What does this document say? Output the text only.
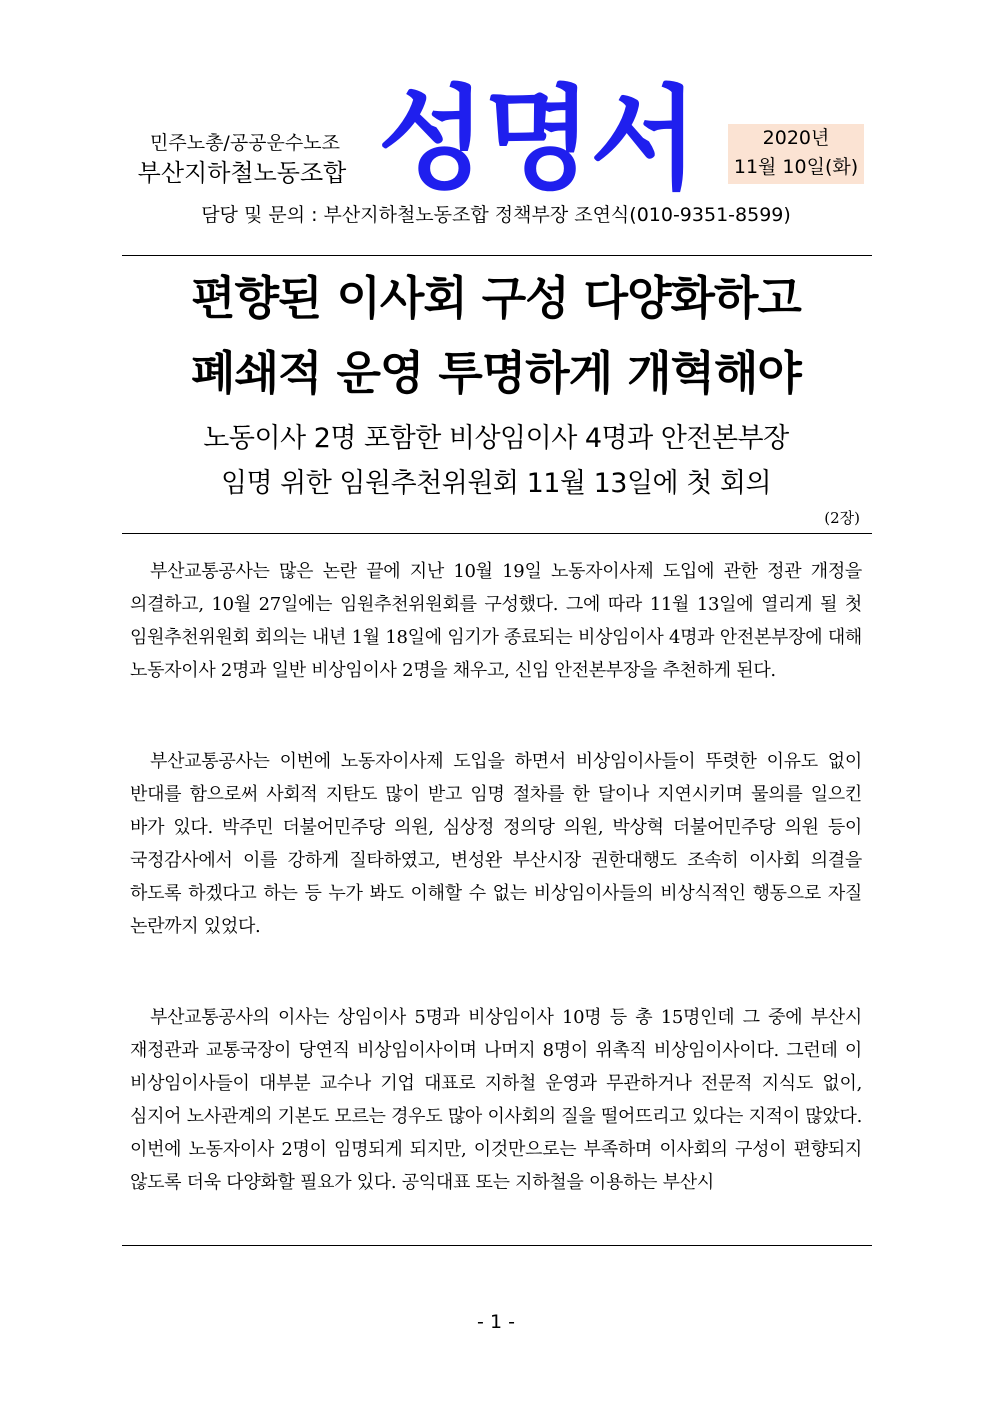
민주노총/공공운수노조
부산지하철노동조합 성명서	2020년
11월 10일(화)
담당 및 문의 : 부산지하철노동조합 정책부장 조연식(010-9351-8599)
편향된 이사회 구성 다양화하고
폐쇄적 운영 투명하게 개혁해야
노동이사 2명 포함한 비상임이사 4명과 안전본부장
임명 위한 임원추천위원회 11월 13일에 첫 회의
(2장)
부산교통공사는 많은 논란 끝에 지난 10월 19일 노동자이사제 도입에 관한 정관 개정을 의결하고, 10월 27일에는 임원추천위원회를 구성했다. 그에 따라 11월 13일에 열리게 될 첫 임원추천위원회 회의는 내년 1월 18일에 임기가 종료되는 비상임이사 4명과 안전본부장에 대해 노동자이사 2명과 일반 비상임이사 2명을 채우고, 신임 안전본부장을 추천하게 된다.
부산교통공사는 이번에 노동자이사제 도입을 하면서 비상임이사들이 뚜렷한 이유도 없이 반대를 함으로써 사회적 지탄도 많이 받고 임명 절차를 한 달이나 지연시키며 물의를 일으킨 바가 있다. 박주민 더불어민주당 의원, 심상정 정의당 의원, 박상혁 더불어민주당 의원 등이 국정감사에서 이를 강하게 질타하였고, 변성완 부산시장 권한대행도 조속히 이사회 의결을 하도록 하겠다고 하는 등 누가 봐도 이해할 수 없는 비상임이사들의 비상식적인 행동으로 자질 논란까지 있었다.
부산교통공사의 이사는 상임이사 5명과 비상임이사 10명 등 총 15명인데 그 중에 부산시 재정관과 교통국장이 당연직 비상임이사이며 나머지 8명이 위촉직 비상임이사이다. 그런데 이 비상임이사들이 대부분 교수나 기업 대표로 지하철 운영과 무관하거나 전문적 지식도 없이, 심지어 노사관계의 기본도 모르는 경우도 많아 이사회의 질을 떨어뜨리고 있다는 지적이 많았다. 이번에 노동자이사 2명이 임명되게 되지만, 이것만으로는 부족하며 이사회의 구성이 편향되지 않도록 더욱 다양화할 필요가 있다. 공익대표 또는 지하철을 이용하는 부산시
- 1 -
